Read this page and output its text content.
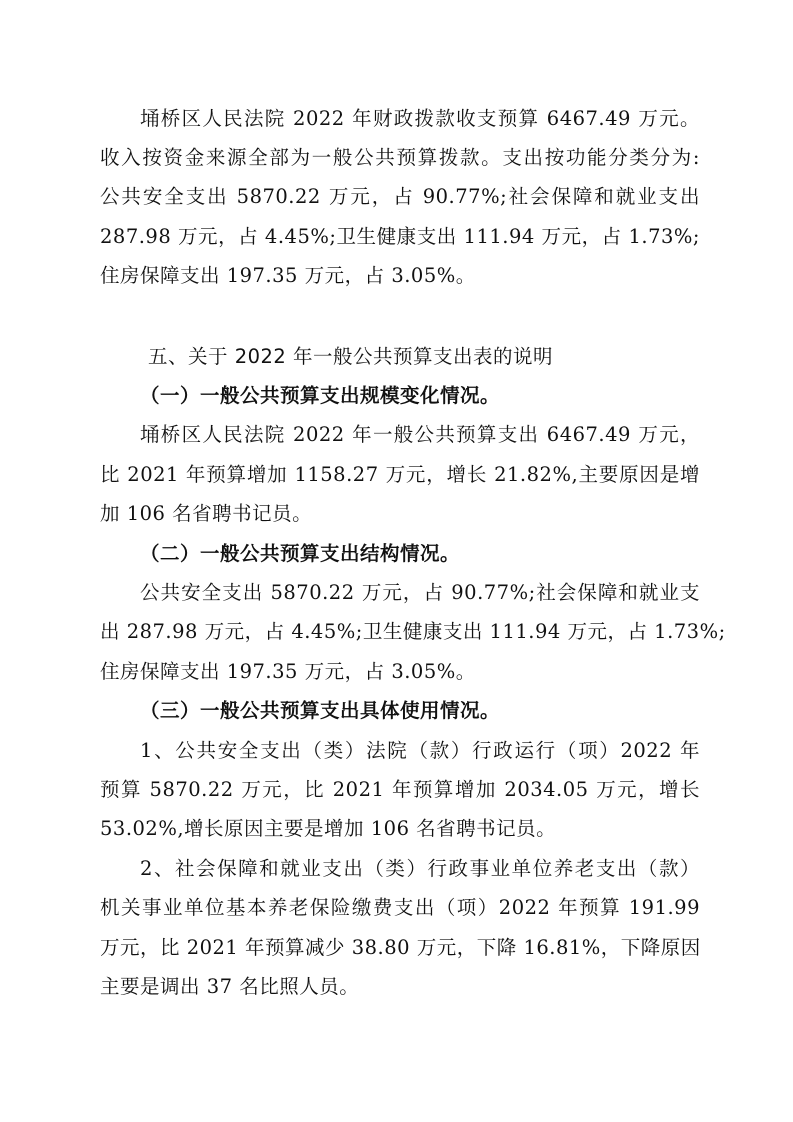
埇桥区人民法院 2022 年财政拨款收支预算 6467.49 万元。
收入按资金来源全部为一般公共预算拨款。支出按功能分类分为:
公共安全支出 5870.22 万元，占 90.77%;社会保障和就业支出
287.98 万元，占 4.45%;卫生健康支出 111.94 万元，占 1.73%;
住房保障支出 197.35 万元，占 3.05%。
五、关于 2022 年一般公共预算支出表的说明
（一）一般公共预算支出规模变化情况。
埇桥区人民法院 2022 年一般公共预算支出 6467.49 万元，
比 2021 年预算增加 1158.27 万元，增长 21.82%,主要原因是增
加 106 名省聘书记员。
（二）一般公共预算支出结构情况。
公共安全支出 5870.22 万元，占 90.77%;社会保障和就业支
出 287.98 万元，占 4.45%;卫生健康支出 111.94 万元，占 1.73%;
住房保障支出 197.35 万元，占 3.05%。
（三）一般公共预算支出具体使用情况。
1、公共安全支出（类）法院（款）行政运行（项）2022 年
预算 5870.22 万元，比 2021 年预算增加 2034.05 万元，增长
53.02%,增长原因主要是增加 106 名省聘书记员。
2、社会保障和就业支出（类）行政事业单位养老支出（款）
机关事业单位基本养老保险缴费支出（项）2022 年预算 191.99
万元，比 2021 年预算减少 38.80 万元，下降 16.81%，下降原因
主要是调出 37 名比照人员。
